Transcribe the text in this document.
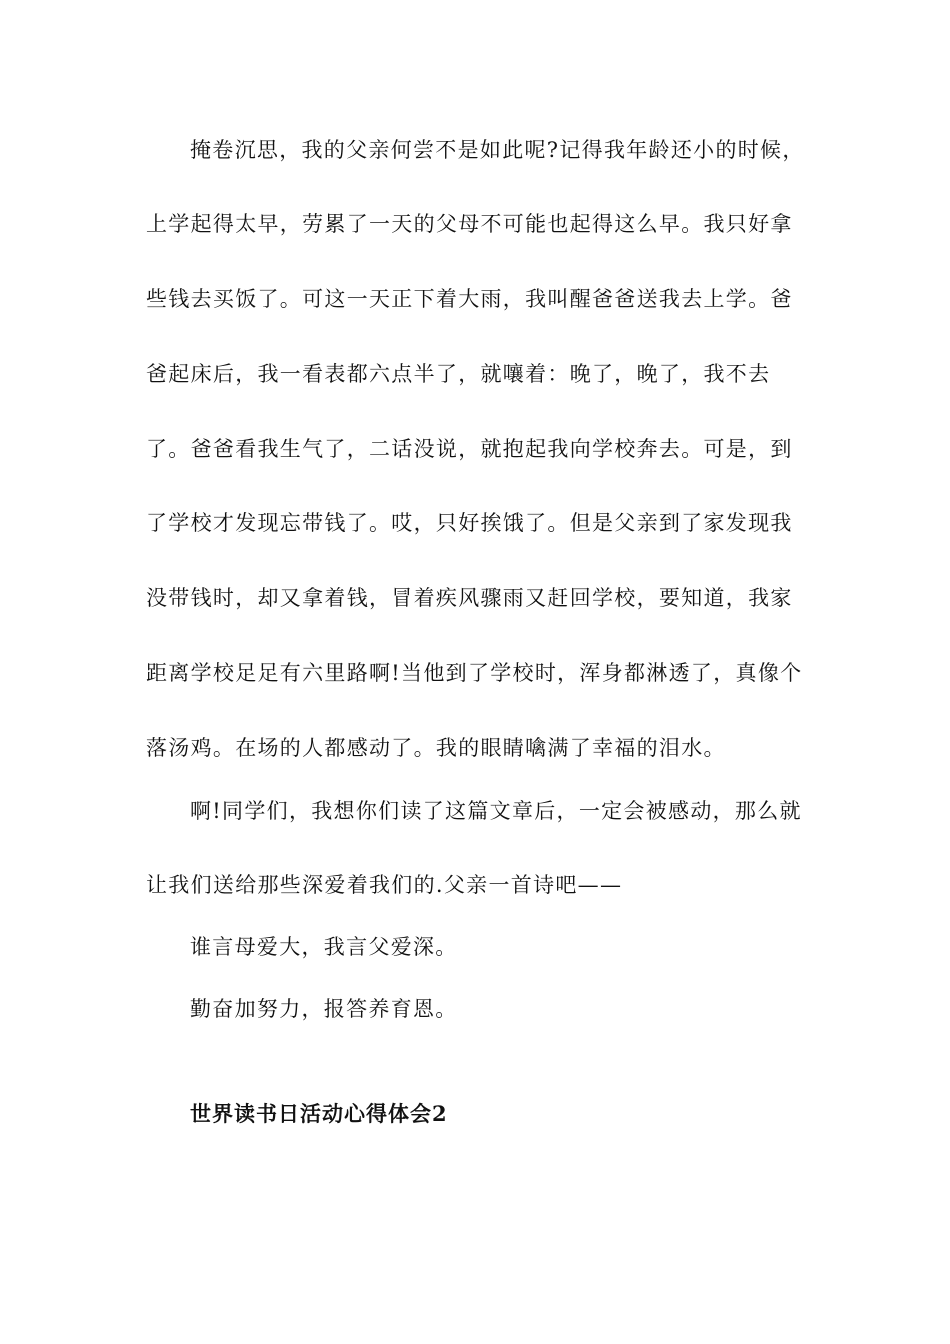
掩卷沉思，我的父亲何尝不是如此呢?记得我年龄还小的时候，
上学起得太早，劳累了一天的父母不可能也起得这么早。我只好拿
些钱去买饭了。可这一天正下着大雨，我叫醒爸爸送我去上学。爸
爸起床后，我一看表都六点半了，就嚷着：晚了，晚了，我不去
了。爸爸看我生气了，二话没说，就抱起我向学校奔去。可是，到
了学校才发现忘带钱了。哎，只好挨饿了。但是父亲到了家发现我
没带钱时，却又拿着钱，冒着疾风骤雨又赶回学校，要知道，我家
距离学校足足有六里路啊!当他到了学校时，浑身都淋透了，真像个
落汤鸡。在场的人都感动了。我的眼睛噙满了幸福的泪水。
啊!同学们，我想你们读了这篇文章后，一定会被感动，那么就
让我们送给那些深爱着我们的.父亲一首诗吧——
谁言母爱大，我言父爱深。
勤奋加努力，报答养育恩。
世界读书日活动心得体会2
